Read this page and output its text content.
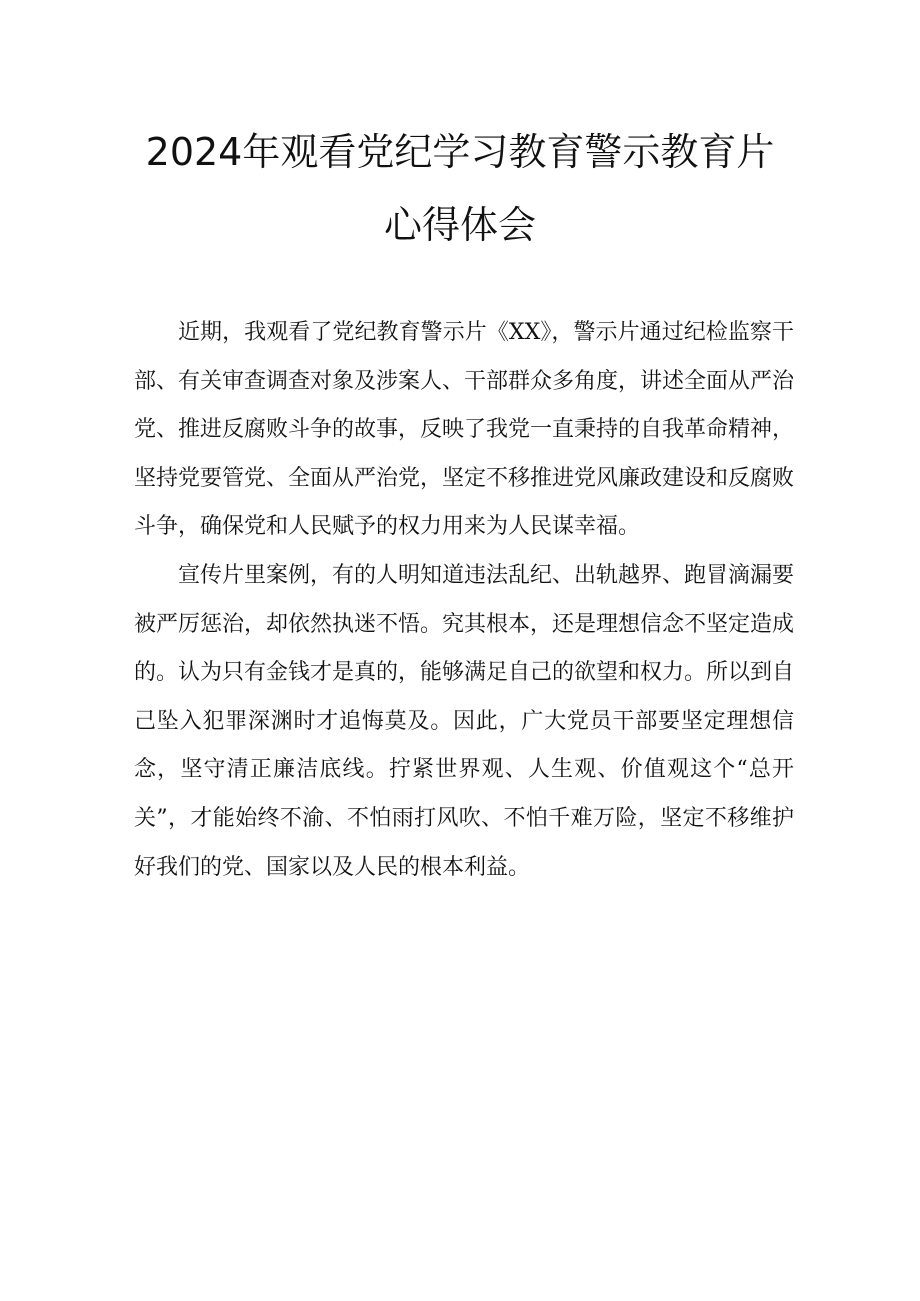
2024年观看党纪学习教育警示教育片
心得体会

近期，我观看了党纪教育警示片《XX》，警示片通过纪检监察干部、有关审查调查对象及涉案人、干部群众多角度，讲述全面从严治党、推进反腐败斗争的故事，反映了我党一直秉持的自我革命精神，坚持党要管党、全面从严治党，坚定不移推进党风廉政建设和反腐败斗争，确保党和人民赋予的权力用来为人民谋幸福。

宣传片里案例，有的人明知道违法乱纪、出轨越界、跑冒滴漏要被严厉惩治，却依然执迷不悟。究其根本，还是理想信念不坚定造成的。认为只有金钱才是真的，能够满足自己的欲望和权力。所以到自己坠入犯罪深渊时才追悔莫及。因此，广大党员干部要坚定理想信念，坚守清正廉洁底线。拧紧世界观、人生观、价值观这个“总开关”，才能始终不渝、不怕雨打风吹、不怕千难万险，坚定不移维护好我们的党、国家以及人民的根本利益。
